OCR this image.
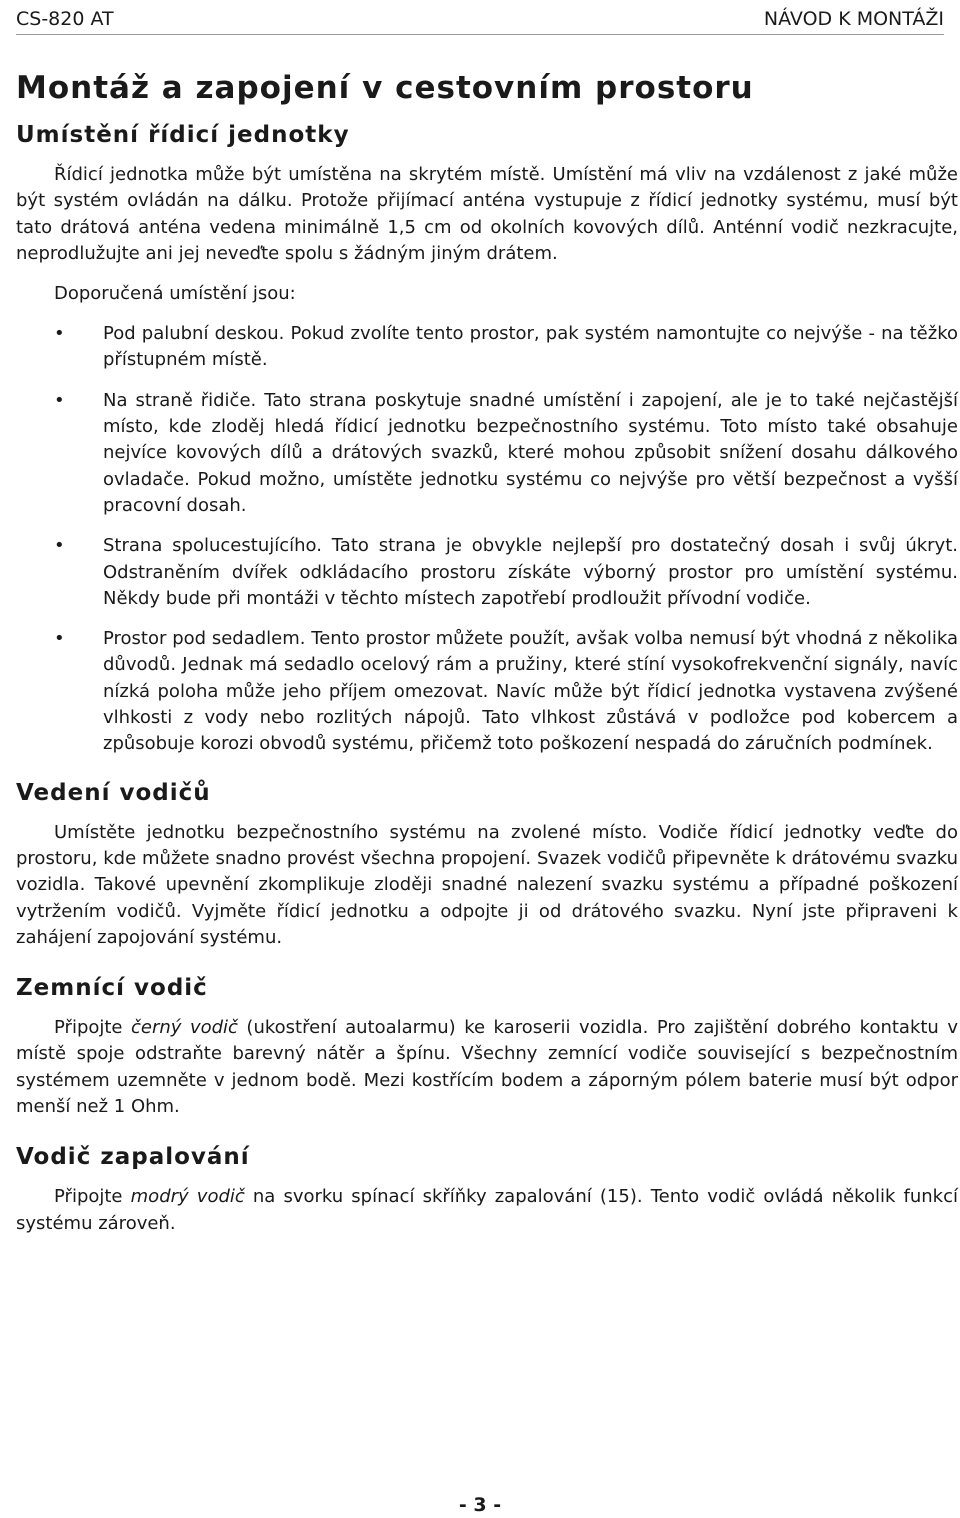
CS-820 AT	NÁVOD K MONTÁŽI
Montáž a zapojení v cestovním prostoru
Umístění řídicí jednotky

Řídicí jednotka může být umístěna na skrytém místě. Umístění má vliv na vzdálenost z jaké může být systém ovládán na dálku. Protože přijímací anténa vystupuje z řídicí jednotky systému, musí být tato drátová anténa vedena minimálně 1,5 cm od okolních kovových dílů. Anténní vodič nezkracujte, neprodlužujte ani jej neveďte spolu s žádným jiným drátem.

Doporučená umístění jsou:
• Pod palubní deskou. Pokud zvolíte tento prostor, pak systém namontujte co nejvýše - na těžko přístupném místě.

• Na straně řidiče. Tato strana poskytuje snadné umístění i zapojení, ale je to také nejčastější místo, kde zloděj hledá řídicí jednotku bezpečnostního systému. Toto místo také obsahuje nejvíce kovových dílů a drátových svazků, které mohou způsobit snížení dosahu dálkového ovladače. Pokud možno, umístěte jednotku systému co nejvýše pro větší bezpečnost a vyšší pracovní dosah.

• Strana spolucestujícího. Tato strana je obvykle nejlepší pro dostatečný dosah i svůj úkryt. Odstraněním dvířek odkládacího prostoru získáte výborný prostor pro umístění systému. Někdy bude při montáži v těchto místech zapotřebí prodloužit přívodní vodiče.

• Prostor pod sedadlem. Tento prostor můžete použít, avšak volba nemusí být vhodná z několika důvodů. Jednak má sedadlo ocelový rám a pružiny, které stíní vysokofrekvenční signály, navíc nízká poloha může jeho příjem omezovat. Navíc může být řídicí jednotka vystavena zvýšené vlhkosti z vody nebo rozlitých nápojů. Tato vlhkost zůstává v podložce pod kobercem a způsobuje korozi obvodů systému, přičemž toto poškození nespadá do záručních podmínek.

Vedení vodičů

Umístěte jednotku bezpečnostního systému na zvolené místo. Vodiče řídicí jednotky veďte do prostoru, kde můžete snadno provést všechna propojení. Svazek vodičů připevněte k drátovému svazku vozidla. Takové upevnění zkomplikuje zloději snadné nalezení svazku systému a případné poškození vytržením vodičů. Vyjměte řídicí jednotku a odpojte ji od drátového svazku. Nyní jste připraveni k zahájení zapojování systému.

Zemnící vodič

Připojte černý vodič (ukostření autoalarmu) ke karoserii vozidla. Pro zajištění dobrého kontaktu v místě spoje odstraňte barevný nátěr a špínu. Všechny zemnící vodiče související s bezpečnostním systémem uzemněte v jednom bodě. Mezi kostřícím bodem a záporným pólem baterie musí být odpor menší než 1 Ohm.

Vodič zapalování

Připojte modrý vodič na svorku spínací skříňky zapalování (15). Tento vodič ovládá několik funkcí systému zároveň.

- 3 -
